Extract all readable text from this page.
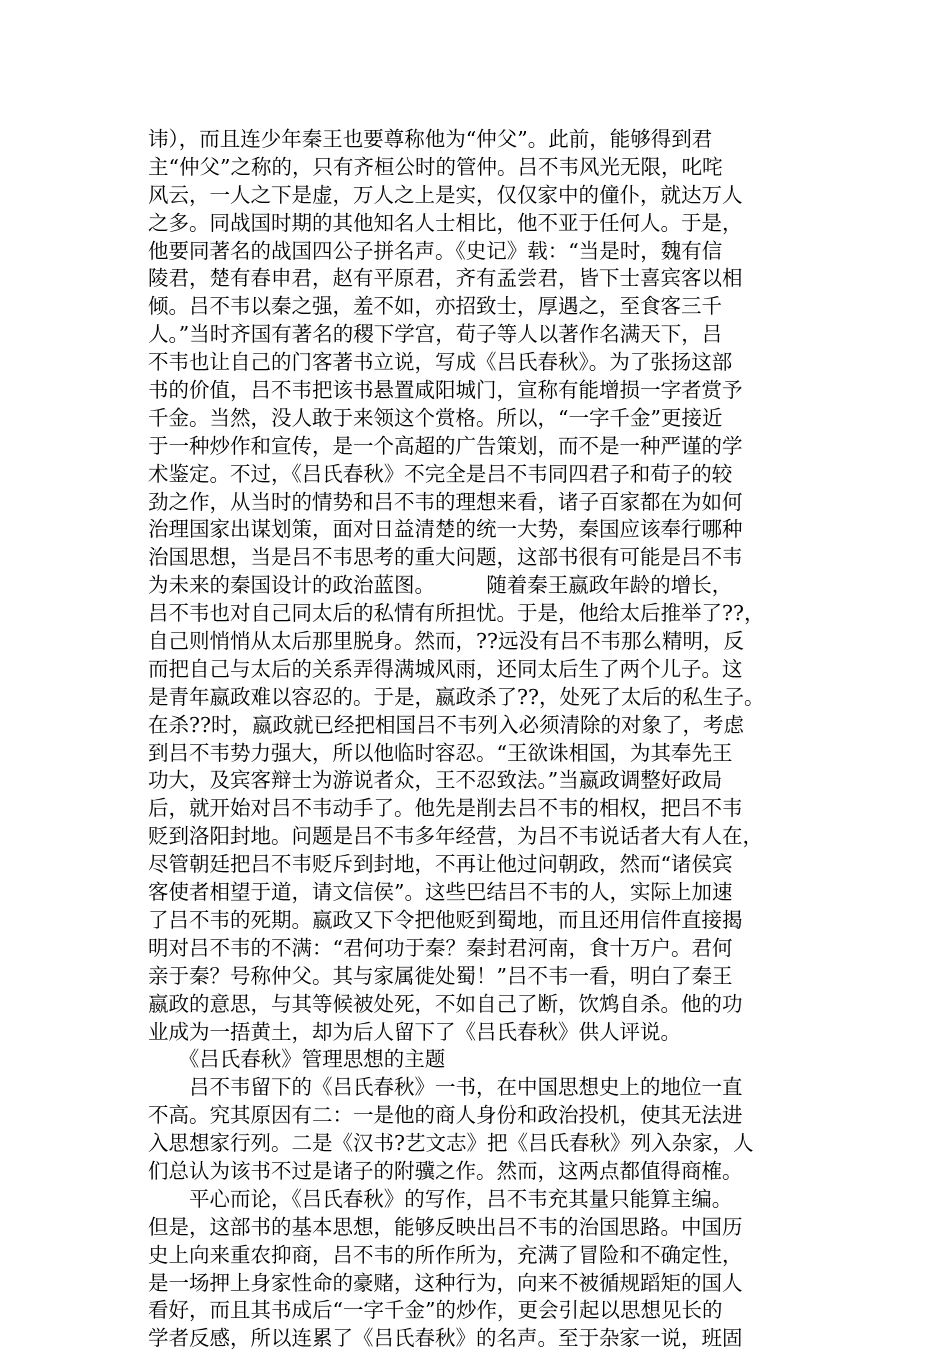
讳），而且连少年秦王也要尊称他为“仲父”。此前，能够得到君
主“仲父”之称的，只有齐桓公时的管仲。吕不韦风光无限，叱咤
风云，一人之下是虚，万人之上是实，仅仅家中的僮仆，就达万人
之多。同战国时期的其他知名人士相比，他不亚于任何人。于是，
他要同著名的战国四公子拼名声。《史记》载：“当是时，魏有信
陵君，楚有春申君，赵有平原君，齐有孟尝君，皆下士喜宾客以相
倾。吕不韦以秦之强，羞不如，亦招致士，厚遇之，至食客三千
人。”当时齐国有著名的稷下学宫，荀子等人以著作名满天下，吕
不韦也让自己的门客著书立说，写成《吕氏春秋》。为了张扬这部
书的价值，吕不韦把该书悬置咸阳城门，宣称有能增损一字者赏予
千金。当然，没人敢于来领这个赏格。所以，“一字千金”更接近
于一种炒作和宣传，是一个高超的广告策划，而不是一种严谨的学
术鉴定。不过，《吕氏春秋》不完全是吕不韦同四君子和荀子的较
劲之作，从当时的情势和吕不韦的理想来看，诸子百家都在为如何
治理国家出谋划策，面对日益清楚的统一大势，秦国应该奉行哪种
治国思想，当是吕不韦思考的重大问题，这部书很有可能是吕不韦
为未来的秦国设计的政治蓝图。　　　随着秦王嬴政年龄的增长，
吕不韦也对自己同太后的私情有所担忧。于是，他给太后推举了??，
自己则悄悄从太后那里脱身。然而，??远没有吕不韦那么精明，反
而把自己与太后的关系弄得满城风雨，还同太后生了两个儿子。这
是青年嬴政难以容忍的。于是，嬴政杀了??，处死了太后的私生子。
在杀??时，嬴政就已经把相国吕不韦列入必须清除的对象了，考虑
到吕不韦势力强大，所以他临时容忍。“王欲诛相国，为其奉先王
功大，及宾客辩士为游说者众，王不忍致法。”当嬴政调整好政局
后，就开始对吕不韦动手了。他先是削去吕不韦的相权，把吕不韦
贬到洛阳封地。问题是吕不韦多年经营，为吕不韦说话者大有人在，
尽管朝廷把吕不韦贬斥到封地，不再让他过问朝政，然而“诸侯宾
客使者相望于道，请文信侯”。这些巴结吕不韦的人，实际上加速
了吕不韦的死期。嬴政又下令把他贬到蜀地，而且还用信件直接揭
明对吕不韦的不满：“君何功于秦？秦封君河南，食十万户。君何
亲于秦？号称仲父。其与家属徙处蜀！”吕不韦一看，明白了秦王
嬴政的意思，与其等候被处死，不如自己了断，饮鸩自杀。他的功
业成为一捂黄土，却为后人留下了《吕氏春秋》供人评说。
　　《吕氏春秋》管理思想的主题
　　吕不韦留下的《吕氏春秋》一书，在中国思想史上的地位一直
不高。究其原因有二：一是他的商人身份和政治投机，使其无法进
入思想家行列。二是《汉书?艺文志》把《吕氏春秋》列入杂家，人
们总认为该书不过是诸子的附骥之作。然而，这两点都值得商榷。
　　平心而论，《吕氏春秋》的写作，吕不韦充其量只能算主编。
但是，这部书的基本思想，能够反映出吕不韦的治国思路。中国历
史上向来重农抑商，吕不韦的所作所为，充满了冒险和不确定性，
是一场押上身家性命的豪赌，这种行为，向来不被循规蹈矩的国人
看好，而且其书成后“一字千金”的炒作，更会引起以思想见长的
学者反感，所以连累了《吕氏春秋》的名声。至于杂家一说，班固
